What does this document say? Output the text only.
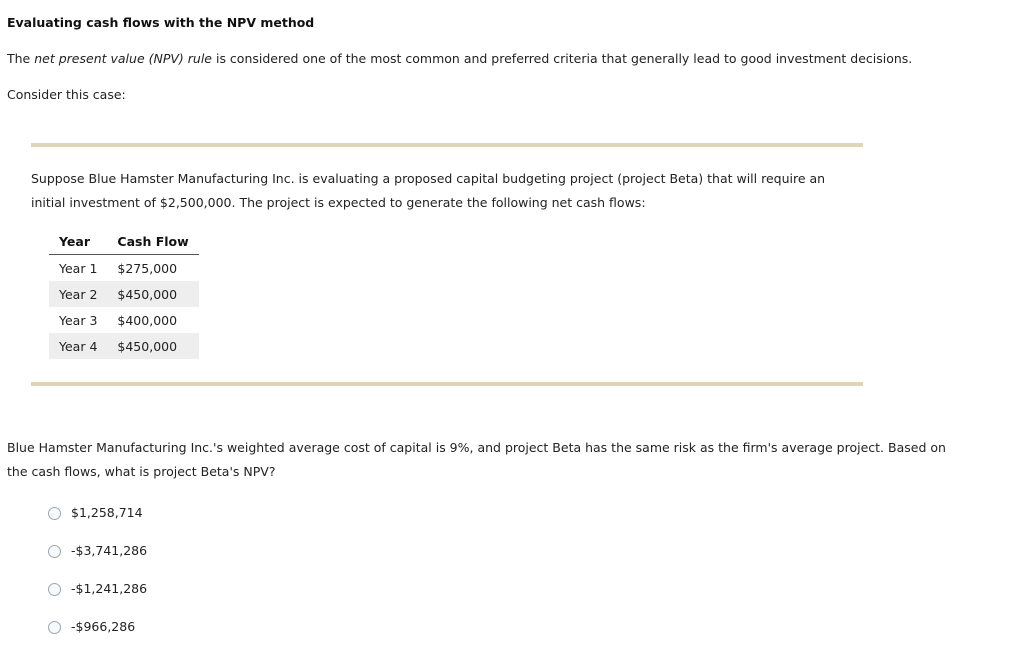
Evaluating cash flows with the NPV method
The net present value (NPV) rule is considered one of the most common and preferred criteria that generally lead to good investment decisions.
Consider this case:
Suppose Blue Hamster Manufacturing Inc. is evaluating a proposed capital budgeting project (project Beta) that will require an initial investment of $2,500,000. The project is expected to generate the following net cash flows:
Year	Cash Flow
Year 1	$275,000
Year 2	$450,000
Year 3	$400,000
Year 4	$450,000
Blue Hamster Manufacturing Inc.'s weighted average cost of capital is 9%, and project Beta has the same risk as the firm's average project. Based on the cash flows, what is project Beta's NPV?
$1,258,714
-$3,741,286
-$1,241,286
-$966,286
